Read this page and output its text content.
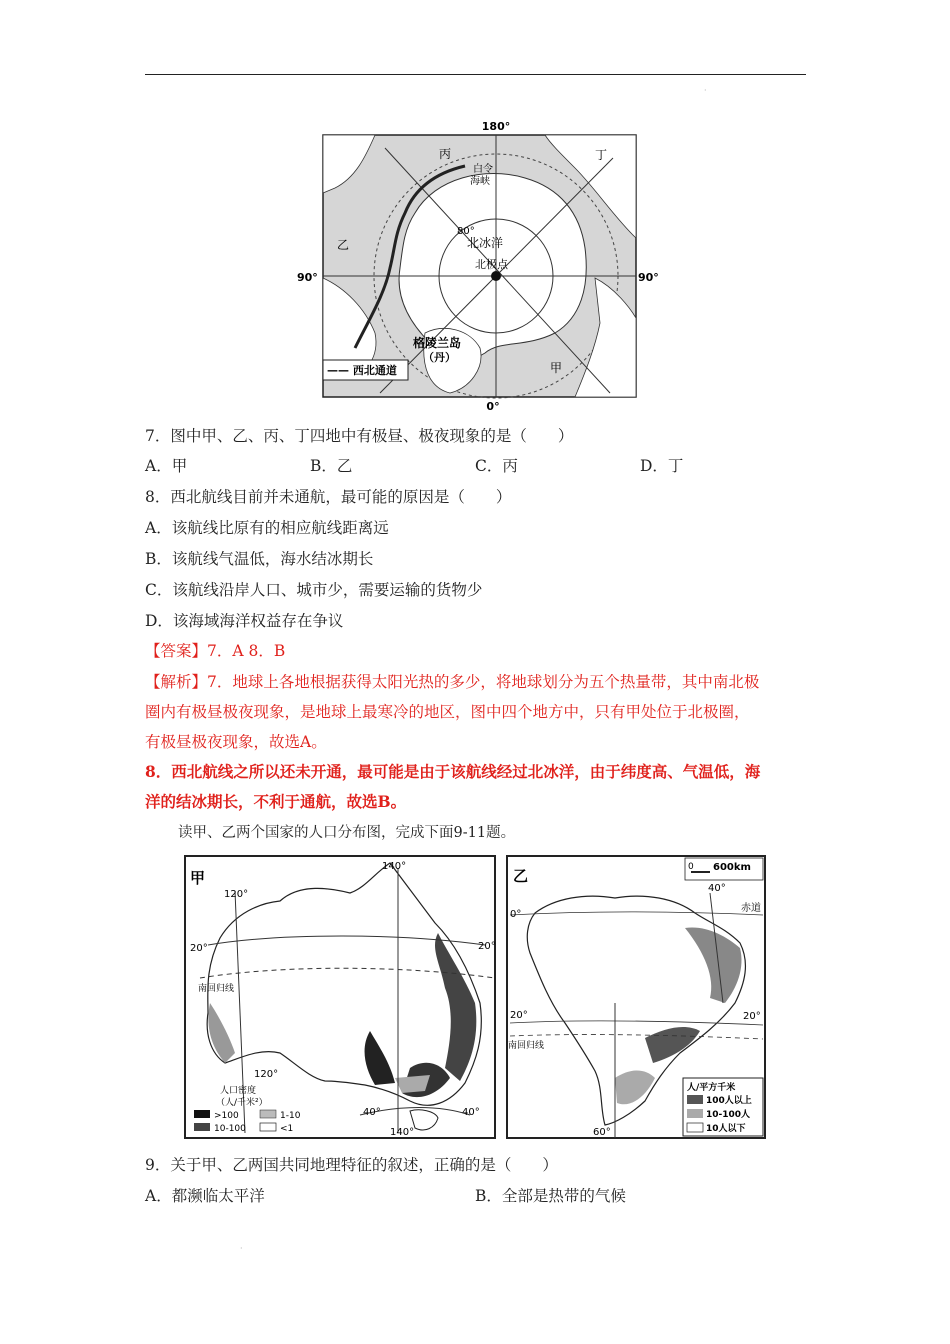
·
180°
0°
90°	90°
丙	丁
乙
甲
白令
海峡
80°
北冰洋
北极点
格陵兰岛
（丹）
—— 西北通道
7．图中甲、乙、丙、丁四地中有极昼、极夜现象的是（　　）
A．甲	B．乙	C．丙	D．丁
8．西北航线目前并未通航，最可能的原因是（　　）
A．该航线比原有的相应航线距离远
B．该航线气温低，海水结冰期长
C．该航线沿岸人口、城市少，需要运输的货物少
D．该海域海洋权益存在争议
【答案】7．A 8．B
【解析】7．地球上各地根据获得太阳光热的多少，将地球划分为五个热量带，其中南北极
圈内有极昼极夜现象，是地球上最寒冷的地区，图中四个地方中，只有甲处位于北极圈，
有极昼极夜现象，故选A。
8．西北航线之所以还未开通，最可能是由于该航线经过北冰洋，由于纬度高、气温低，海
洋的结冰期长，不利于通航，故选B。
读甲、乙两个国家的人口分布图，完成下面9-11题。
甲
120°
140°
20°	20°
南回归线
120°
40°	40°
140°
人口密度
（人/千米²）
>100	1-10
10-100	<1
乙	0 600km
40°
0°
赤道
20°	20°
南回归线
60°
人/平方千米
100人以上
10-100人
10人以下
9．关于甲、乙两国共同地理特征的叙述，正确的是（　　）
A．都濒临太平洋	B．全部是热带的气候
·
